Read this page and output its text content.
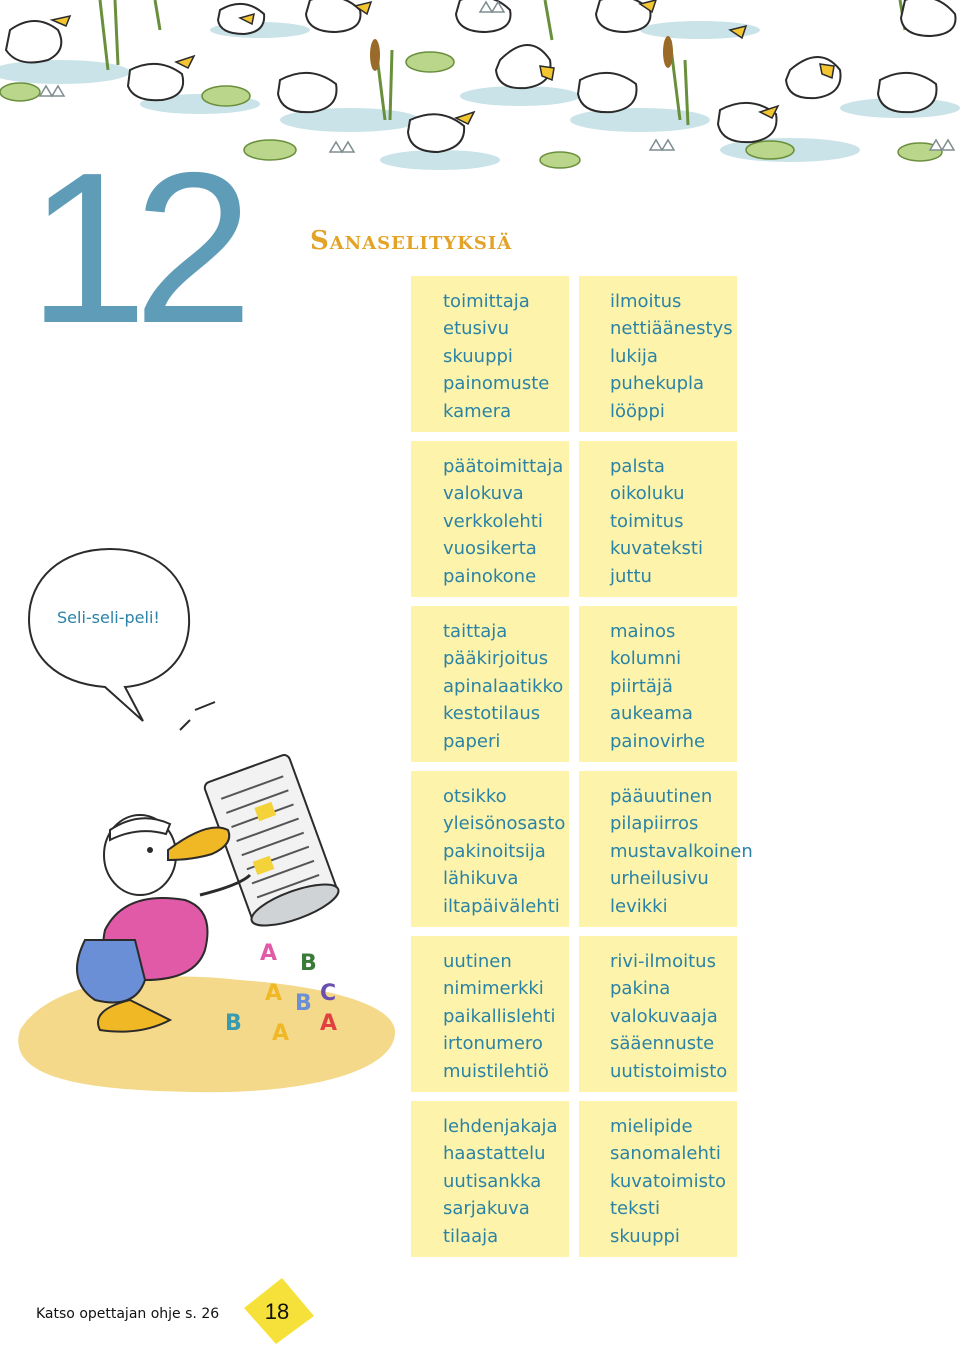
12	Sanaselityksiä
Seli-seli-peli!
A B
A B C
B A A
toimittaja
etusivu
skuuppi
painomuste
kamera
päätoimittaja
valokuva
verkkolehti
vuosikerta
painokone
taittaja
pääkirjoitus
apinalaatikko
kestotilaus
paperi
otsikko
yleisönosasto
pakinoitsija
lähikuva
iltapäivälehti
uutinen
nimimerkki
paikallislehti
irtonumero
muistilehtiö
lehdenjakaja
haastattelu
uutisankka
sarjakuva
tilaaja
ilmoitus
nettiäänestys
lukija
puhekupla
lööppi
palsta
oikoluku
toimitus
kuvateksti
juttu
mainos
kolumni
piirtäjä
aukeama
painovirhe
pääuutinen
pilapiirros
mustavalkoinen
urheilusivu
levikki
rivi-ilmoitus
pakina
valokuvaaja
sääennuste
uutistoimisto
mielipide
sanomalehti
kuvatoimisto
teksti
skuuppi
Katso opettajan ohje s. 26 18
